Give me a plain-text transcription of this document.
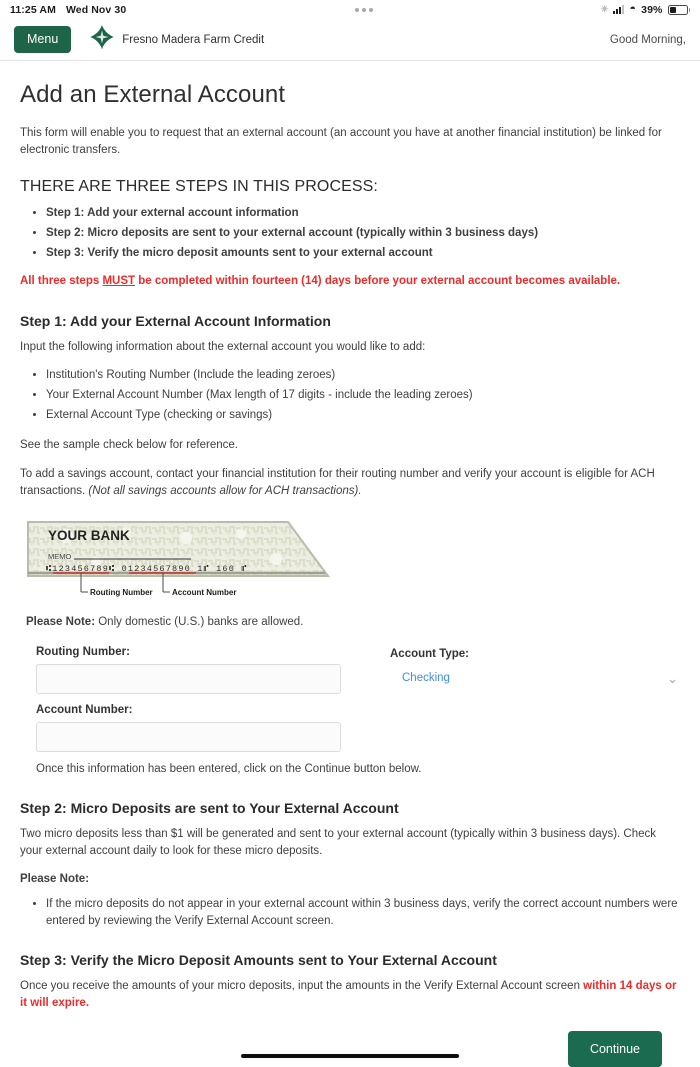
11:25 AM Wed Nov 30	✳ ◓ 39%
Menu	Fresno Madera Farm Credit	Good Morning,
Add an External Account

This form will enable you to request that an external account (an account you have at another financial institution) be linked for electronic transfers.

THERE ARE THREE STEPS IN THIS PROCESS:
• Step 1: Add your external account information
• Step 2: Micro deposits are sent to your external account (typically within 3 business days)
• Step 3: Verify the micro deposit amounts sent to your external account

All three steps MUST be completed within fourteen (14) days before your external account becomes available.

Step 1: Add your External Account Information

Input the following information about the external account you would like to add:

• Institution's Routing Number (Include the leading zeroes)
• Your External Account Number (Max length of 17 digits - include the leading zeroes)
• External Account Type (checking or savings)

See the sample check below for reference.

To add a savings account, contact your financial institution for their routing number and verify your account is eligible for ACH transactions. (Not all savings accounts allow for ACH transactions).

YOUR BANK
MEMO
⑆123456789⑆ 01234567890 1⑈ 160 ⑈
Routing Number Account Number

Please Note: Only domestic (U.S.) banks are allowed.

Routing Number:	Account Type:
Checking	⌄
Account Number:

Once this information has been entered, click on the Continue button below.

Step 2: Micro Deposits are sent to Your External Account

Two micro deposits less than $1 will be generated and sent to your external account (typically within 3 business days). Check your external account daily to look for these micro deposits.

Please Note:

• If the micro deposits do not appear in your external account within 3 business days, verify the correct account numbers were entered by reviewing the Verify External Account screen.
Step 3: Verify the Micro Deposit Amounts sent to Your External Account

Once you receive the amounts of your micro deposits, input the amounts in the Verify External Account screen within 14 days or it will expire.

Continue
